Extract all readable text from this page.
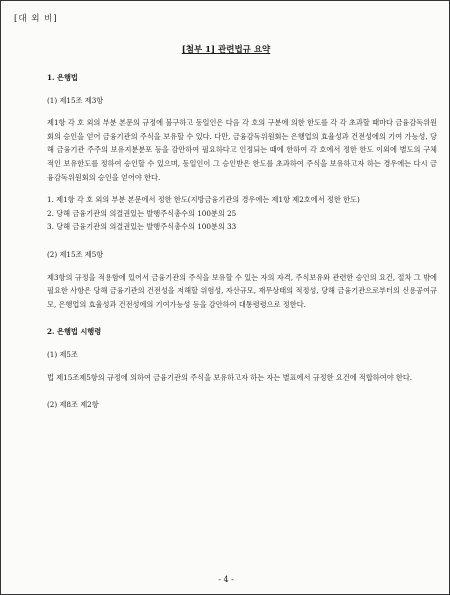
[대 외 비]
[첨부 1] 관련법규 요약
1. 은행법
(1) 제15조 제3항

제1항 각 호 외의 부분 본문의 규정에 불구하고 동일인은 다음 각 호의 구분에 의한 한도를 각 각 초과할 때마다 금융감독위원회의 승인을 얻어 금융기관의 주식을 보유할 수 있다. 다만, 금융감독위원회는 은행업의 효율성과 건전성에의 기여 가능성, 당해 금융기관 주주의 보유지분분포 등을 감안하여 필요하다고 인정되는 때에 한하여 각 호에서 정한 한도 이외에 별도의 구체적인 보유한도를 정하여 승인할 수 있으며, 동일인이 그 승인받은 한도를 초과하여 주식을 보유하고자 하는 경우에는 다시 금융감독위원회의 승인을 얻어야 한다.

1. 제1항 각 호 외의 부분 본문에서 정한 한도(지방금융기관의 경우에는 제1항 제2호에서 정한 한도)
2. 당해 금융기관의 의결권있는 발행주식총수의 100분의 25
3. 당해 금융기관의 의결권있는 발행주식총수의 100분의 33
(2) 제15조 제5항

제3항의 규정을 적용함에 있어서 금융기관의 주식을 보유할 수 있는 자의 자격, 주식보유와 관련한 승인의 요건, 절차 그 밖에 필요한 사항은 당해 금융기관의 건전성을 저해할 위험성, 자산규모, 재무상태의 적정성, 당해 금융기관으로부터의 신용공여규모, 은행업의 효율성과 건전성에의 기여가능성 등을 감안하여 대통령령으로 정한다.

2. 은행법 시행령
(1) 제5조

법 제15조제5항의 규정에 의하여 금융기관의 주식을 보유하고자 하는 자는 별표에서 규정한 요건에 적합하여야 한다.

(2) 제8조 제2항
- 4 -
